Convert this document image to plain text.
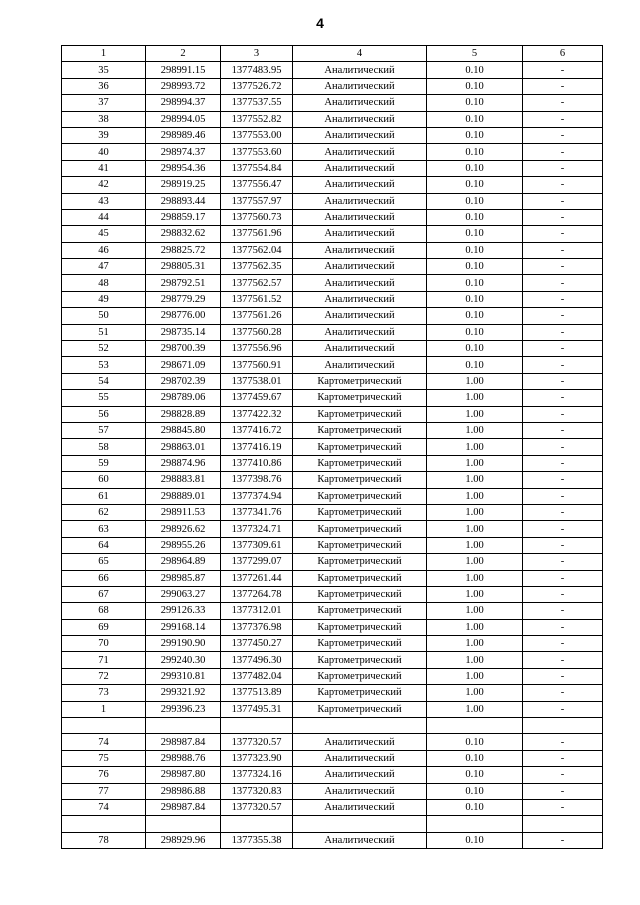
4
1	2	3	4	5	6
35	298991.15	1377483.95	Аналитический	0.10	-
36	298993.72	1377526.72	Аналитический	0.10	-
37	298994.37	1377537.55	Аналитический	0.10	-
38	298994.05	1377552.82	Аналитический	0.10	-
39	298989.46	1377553.00	Аналитический	0.10	-
40	298974.37	1377553.60	Аналитический	0.10	-
41	298954.36	1377554.84	Аналитический	0.10	-
42	298919.25	1377556.47	Аналитический	0.10	-
43	298893.44	1377557.97	Аналитический	0.10	-
44	298859.17	1377560.73	Аналитический	0.10	-
45	298832.62	1377561.96	Аналитический	0.10	-
46	298825.72	1377562.04	Аналитический	0.10	-
47	298805.31	1377562.35	Аналитический	0.10	-
48	298792.51	1377562.57	Аналитический	0.10	-
49	298779.29	1377561.52	Аналитический	0.10	-
50	298776.00	1377561.26	Аналитический	0.10	-
51	298735.14	1377560.28	Аналитический	0.10	-
52	298700.39	1377556.96	Аналитический	0.10	-
53	298671.09	1377560.91	Аналитический	0.10	-
54	298702.39	1377538.01	Картометрический	1.00	-
55	298789.06	1377459.67	Картометрический	1.00	-
56	298828.89	1377422.32	Картометрический	1.00	-
57	298845.80	1377416.72	Картометрический	1.00	-
58	298863.01	1377416.19	Картометрический	1.00	-
59	298874.96	1377410.86	Картометрический	1.00	-
60	298883.81	1377398.76	Картометрический	1.00	-
61	298889.01	1377374.94	Картометрический	1.00	-
62	298911.53	1377341.76	Картометрический	1.00	-
63	298926.62	1377324.71	Картометрический	1.00	-
64	298955.26	1377309.61	Картометрический	1.00	-
65	298964.89	1377299.07	Картометрический	1.00	-
66	298985.87	1377261.44	Картометрический	1.00	-
67	299063.27	1377264.78	Картометрический	1.00	-
68	299126.33	1377312.01	Картометрический	1.00	-
69	299168.14	1377376.98	Картометрический	1.00	-
70	299190.90	1377450.27	Картометрический	1.00	-
71	299240.30	1377496.30	Картометрический	1.00	-
72	299310.81	1377482.04	Картометрический	1.00	-
73	299321.92	1377513.89	Картометрический	1.00	-
1	299396.23	1377495.31	Картометрический	1.00	-

74	298987.84	1377320.57	Аналитический	0.10	-
75	298988.76	1377323.90	Аналитический	0.10	-
76	298987.80	1377324.16	Аналитический	0.10	-
77	298986.88	1377320.83	Аналитический	0.10	-
74	298987.84	1377320.57	Аналитический	0.10	-

78	298929.96	1377355.38	Аналитический	0.10	-
